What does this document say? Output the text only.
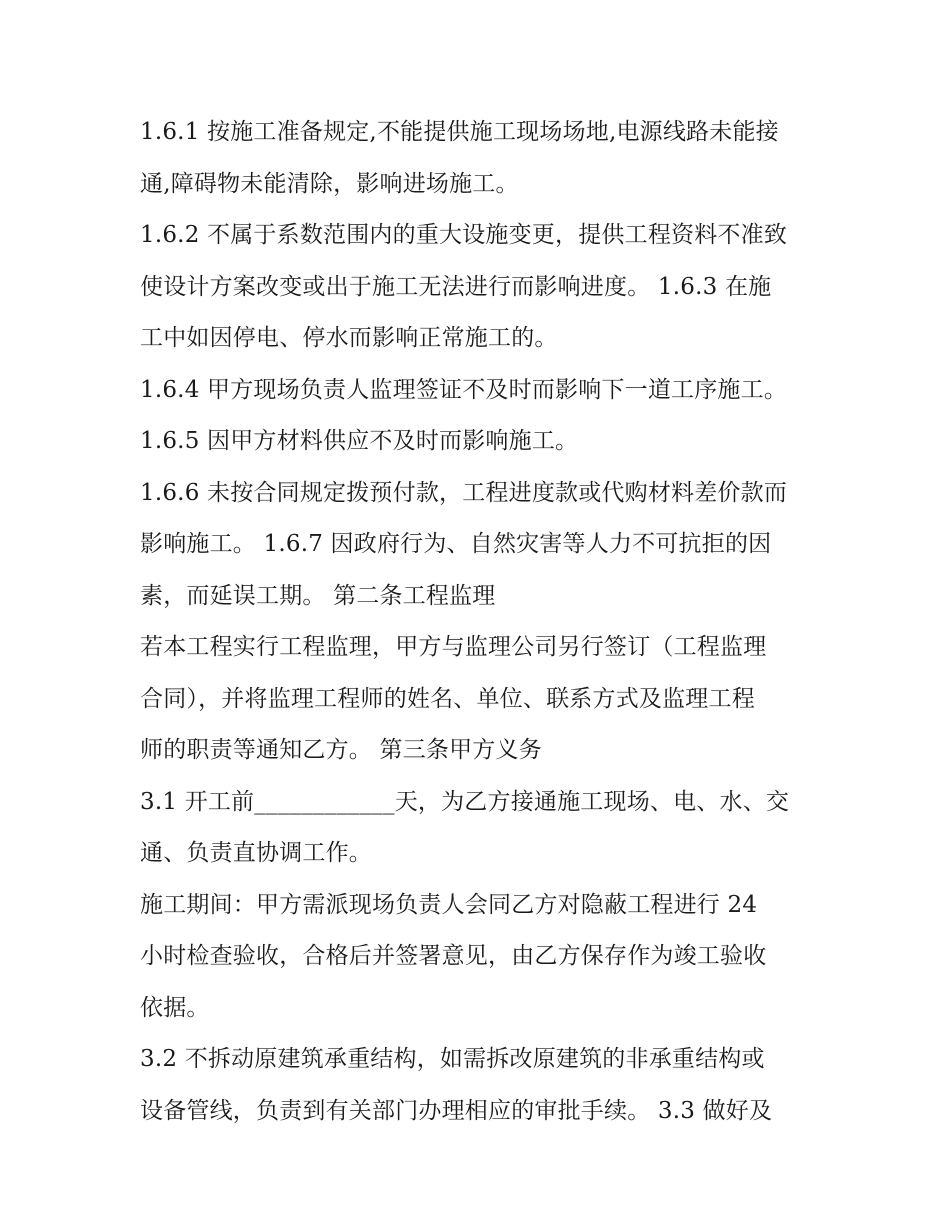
1.6.1 按施工准备规定,不能提供施工现场场地,电源线路未能接
通,障碍物未能清除，影响进场施工。
1.6.2 不属于系数范围内的重大设施变更，提供工程资料不准致
使设计方案改变或出于施工无法进行而影响进度。 1.6.3 在施
工中如因停电、停水而影响正常施工的。
1.6.4 甲方现场负责人监理签证不及时而影响下一道工序施工。
1.6.5 因甲方材料供应不及时而影响施工。
1.6.6 未按合同规定拨预付款，工程进度款或代购材料差价款而
影响施工。 1.6.7 因政府行为、自然灾害等人力不可抗拒的因
素，而延误工期。 第二条工程监理
若本工程实行工程监理，甲方与监理公司另行签订（工程监理
合同），并将监理工程师的姓名、单位、联系方式及监理工程
师的职责等通知乙方。 第三条甲方义务
3.1 开工前____________天，为乙方接通施工现场、电、水、交
通、负责直协调工作。
施工期间：甲方需派现场负责人会同乙方对隐蔽工程进行 24
小时检查验收，合格后并签署意见，由乙方保存作为竣工验收
依据。
3.2 不拆动原建筑承重结构，如需拆改原建筑的非承重结构或
设备管线，负责到有关部门办理相应的审批手续。 3.3 做好及
